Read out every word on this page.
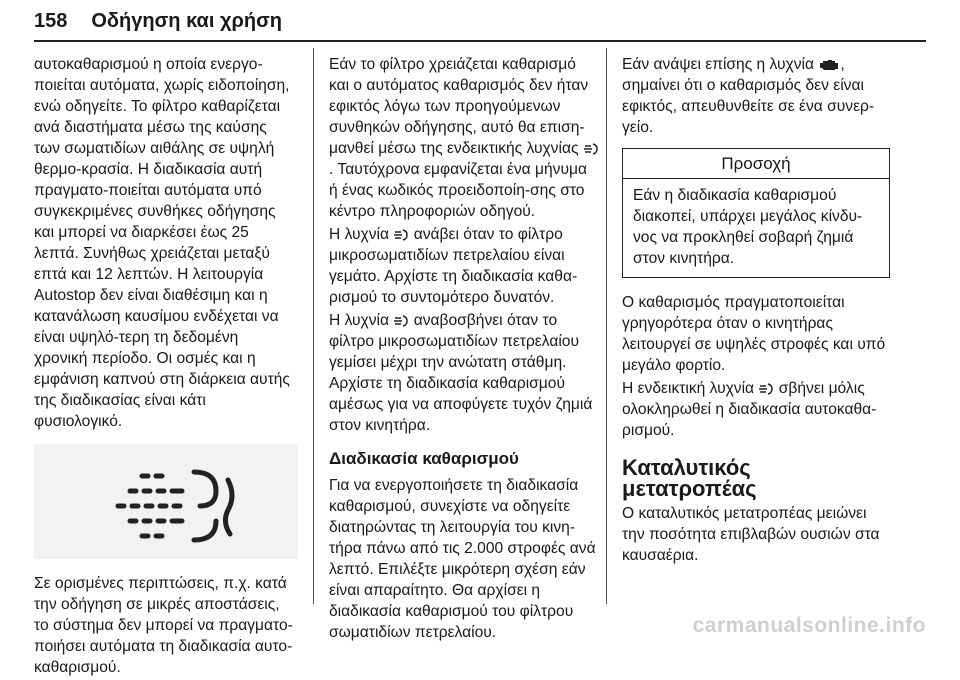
158 Οδήγηση και χρήση

αυτοκαθαρισμού η οποία ενεργο-ποιείται αυτόματα, χωρίς ειδοποίηση, ενώ οδηγείτε. Το φίλτρο καθαρίζεται ανά διαστήματα μέσω της καύσης των σωματιδίων αιθάλης σε υψηλή θερμο-κρασία. Η διαδικασία αυτή πραγματο-ποιείται αυτόματα υπό συγκεκριμένες συνθήκες οδήγησης και μπορεί να διαρκέσει έως 25 λεπτά. Συνήθως χρειάζεται μεταξύ επτά και 12 λεπτών. Η λειτουργία Autostop δεν είναι διαθέσιμη και η κατανάλωση καυσίμου ενδέχεται να είναι υψηλό-τερη τη δεδομένη χρονική περίοδο. Οι οσμές και η εμφάνιση καπνού στη διάρκεια αυτής της διαδικασίας είναι κάτι φυσιολογικό.

Σε ορισμένες περιπτώσεις, π.χ. κατά την οδήγηση σε μικρές αποστάσεις, το σύστημα δεν μπορεί να πραγματο-ποιήσει αυτόματα τη διαδικασία αυτο-καθαρισμού.

Εάν το φίλτρο χρειάζεται καθαρισμό και ο αυτόματος καθαρισμός δεν ήταν εφικτός λόγω των προηγούμενων συνθηκών οδήγησης, αυτό θα επιση-μανθεί μέσω της ενδεικτικής λυχνίας . Ταυτόχρονα εμφανίζεται ένα μήνυμα ή ένας κωδικός προειδοποίη-σης στο κέντρο πληροφοριών οδηγού.

Η λυχνία ανάβει όταν το φίλτρο μικροσωματιδίων πετρελαίου είναι γεμάτο. Αρχίστε τη διαδικασία καθα-ρισμού το συντομότερο δυνατόν.

Η λυχνία αναβοσβήνει όταν το φίλτρο μικροσωματιδίων πετρελαίου γεμίσει μέχρι την ανώτατη στάθμη. Αρχίστε τη διαδικασία καθαρισμού αμέσως για να αποφύγετε τυχόν ζημιά στον κινητήρα.

Διαδικασία καθαρισμού

Για να ενεργοποιήσετε τη διαδικασία καθαρισμού, συνεχίστε να οδηγείτε διατηρώντας τη λειτουργία του κινη-τήρα πάνω από τις 2.000 στροφές ανά λεπτό. Επιλέξτε μικρότερη σχέση εάν είναι απαραίτητο. Θα αρχίσει η διαδικασία καθαρισμού του φίλτρου σωματιδίων πετρελαίου.

Εάν ανάψει επίσης η λυχνία , σημαίνει ότι ο καθαρισμός δεν είναι εφικτός, απευθυνθείτε σε ένα συνερ-γείο.

Προσοχή
Εάν η διαδικασία καθαρισμού διακοπεί, υπάρχει μεγάλος κίνδυ-νος να προκληθεί σοβαρή ζημιά στον κινητήρα.

Ο καθαρισμός πραγματοποιείται γρηγορότερα όταν ο κινητήρας λειτουργεί σε υψηλές στροφές και υπό μεγάλο φορτίο.

Η ενδεικτική λυχνία σβήνει μόλις ολοκληρωθεί η διαδικασία αυτοκαθα-ρισμού.

Καταλυτικός μετατροπέας

Ο καταλυτικός μετατροπέας μειώνει την ποσότητα επιβλαβών ουσιών στα καυσαέρια.

carmanualsonline.info
